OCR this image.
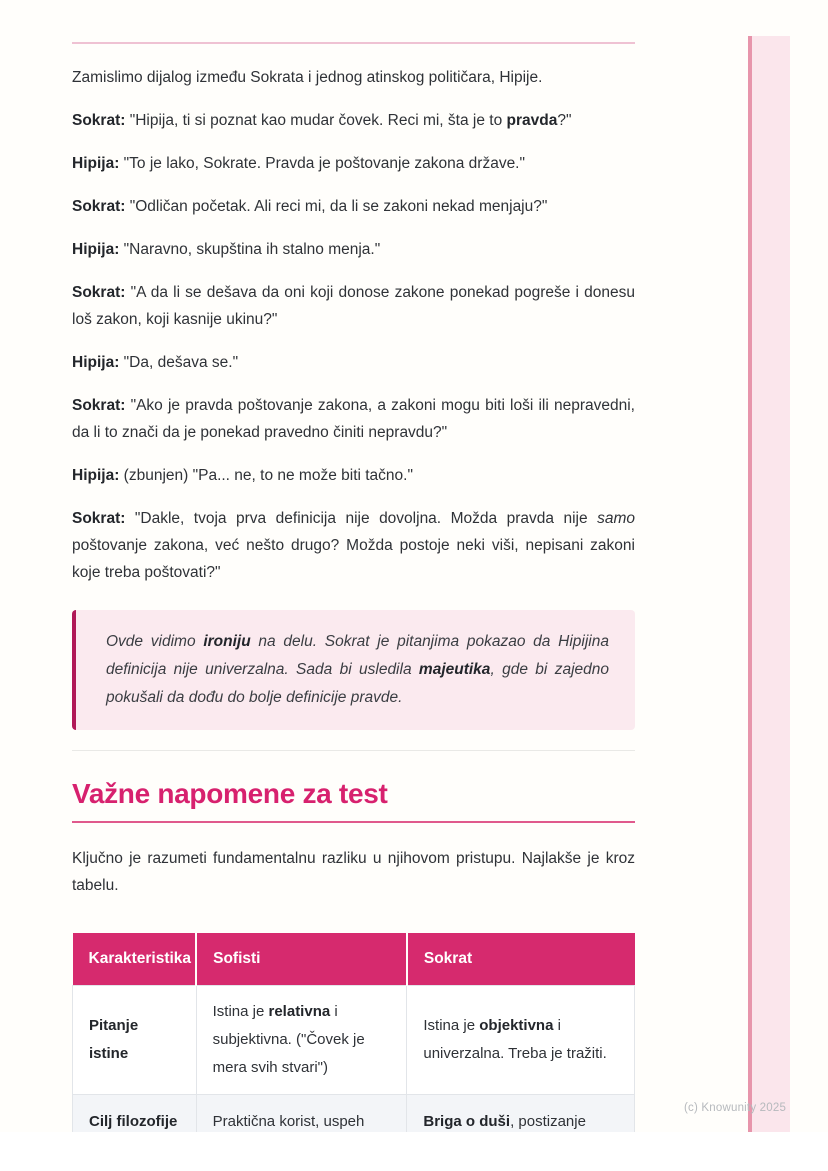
Zamislimo dijalog između Sokrata i jednog atinskog političara, Hipije.

Sokrat: "Hipija, ti si poznat kao mudar čovek. Reci mi, šta je to pravda?"

Hipija: "To je lako, Sokrate. Pravda je poštovanje zakona države."

Sokrat: "Odličan početak. Ali reci mi, da li se zakoni nekad menjaju?"

Hipija: "Naravno, skupština ih stalno menja."

Sokrat: "A da li se dešava da oni koji donose zakone ponekad pogreše i donesu loš zakon, koji kasnije ukinu?"

Hipija: "Da, dešava se."

Sokrat: "Ako je pravda poštovanje zakona, a zakoni mogu biti loši ili nepravedni, da li to znači da je ponekad pravedno činiti nepravdu?"

Hipija: (zbunjen) "Pa... ne, to ne može biti tačno."

Sokrat: "Dakle, tvoja prva definicija nije dovoljna. Možda pravda nije samo poštovanje zakona, već nešto drugo? Možda postoje neki viši, nepisani zakoni koje treba poštovati?"

Ovde vidimo ironiju na delu. Sokrat je pitanjima pokazao da Hipijina definicija nije univerzalna. Sada bi usledila majeutika, gde bi zajedno pokušali da dođu do bolje definicije pravde.

Važne napomene za test

Ključno je razumeti fundamentalnu razliku u njihovom pristupu. Najlakše je kroz tabelu.

Karakteristika	Sofisti	Sokrat
Pitanje istine	Istina je relativna i subjektivna. ("Čovek je mera svih stvari")	Istina je objektivna i univerzalna. Treba je tražiti.
Cilj filozofije	Praktična korist, uspeh	Briga o duši, postizanje
(c) Knowunity 2025
